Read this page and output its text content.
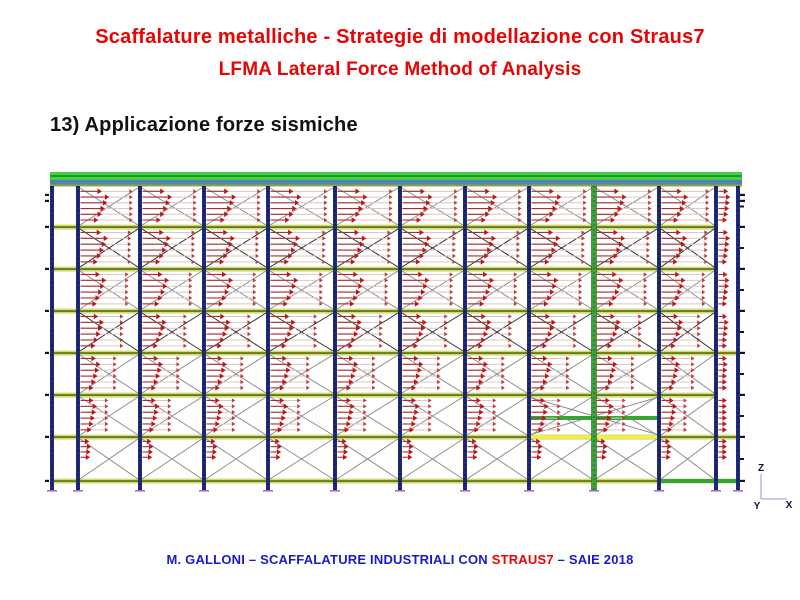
Scaffalature metalliche - Strategie di modellazione con Straus7
LFMA Lateral Force Method of Analysis
13) Applicazione forze sismiche
Z
Y	X
M. GALLONI – SCAFFALATURE INDUSTRIALI CON STRAUS7 – SAIE 2018
